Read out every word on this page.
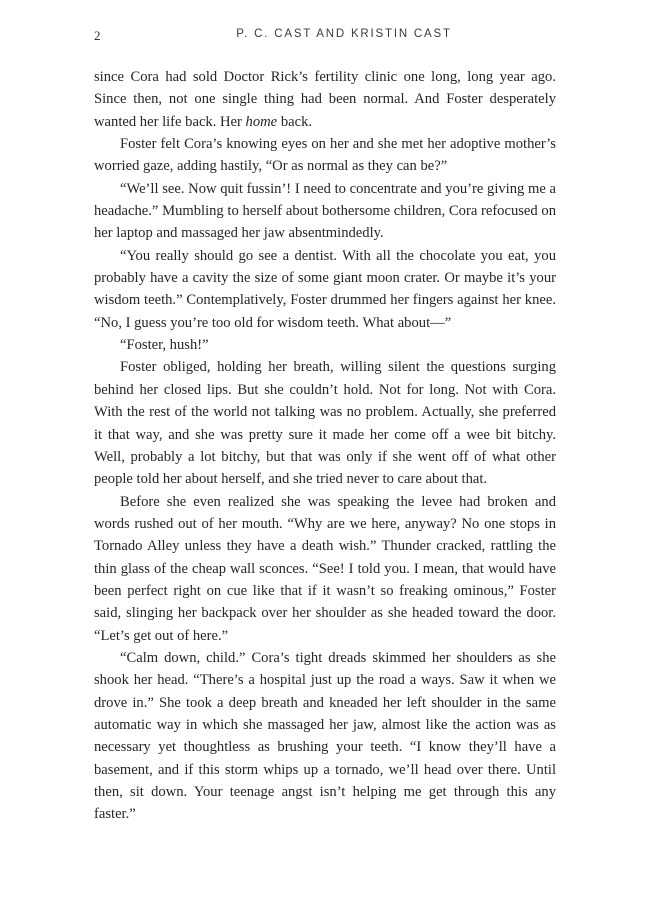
2	P. C. CAST AND KRISTIN CAST

since Cora had sold Doctor Rick’s fertility clinic one long, long year ago. Since then, not one single thing had been normal. And Foster desperately wanted her life back. Her home back.

Foster felt Cora’s knowing eyes on her and she met her adoptive mother’s worried gaze, adding hastily, “Or as normal as they can be?”

“We’ll see. Now quit fussin’! I need to concentrate and you’re giving me a headache.” Mumbling to herself about bothersome children, Cora refocused on her laptop and massaged her jaw absentmindedly.

“You really should go see a dentist. With all the chocolate you eat, you probably have a cavity the size of some giant moon crater. Or maybe it’s your wisdom teeth.” Contemplatively, Foster drummed her fingers against her knee. “No, I guess you’re too old for wisdom teeth. What about—”

“Foster, hush!”

Foster obliged, holding her breath, willing silent the questions surging behind her closed lips. But she couldn’t hold. Not for long. Not with Cora. With the rest of the world not talking was no problem. Actually, she preferred it that way, and she was pretty sure it made her come off a wee bit bitchy. Well, probably a lot bitchy, but that was only if she went off of what other people told her about herself, and she tried never to care about that.

Before she even realized she was speaking the levee had broken and words rushed out of her mouth. “Why are we here, anyway? No one stops in Tornado Alley unless they have a death wish.” Thunder cracked, rattling the thin glass of the cheap wall sconces. “See! I told you. I mean, that would have been perfect right on cue like that if it wasn’t so freaking ominous,” Foster said, slinging her backpack over her shoulder as she headed toward the door. “Let’s get out of here.”

“Calm down, child.” Cora’s tight dreads skimmed her shoulders as she shook her head. “There’s a hospital just up the road a ways. Saw it when we drove in.” She took a deep breath and kneaded her left shoulder in the same automatic way in which she massaged her jaw, almost like the action was as necessary yet thoughtless as brushing your teeth. “I know they’ll have a basement, and if this storm whips up a tornado, we’ll head over there. Until then, sit down. Your teenage angst isn’t helping me get through this any faster.”
